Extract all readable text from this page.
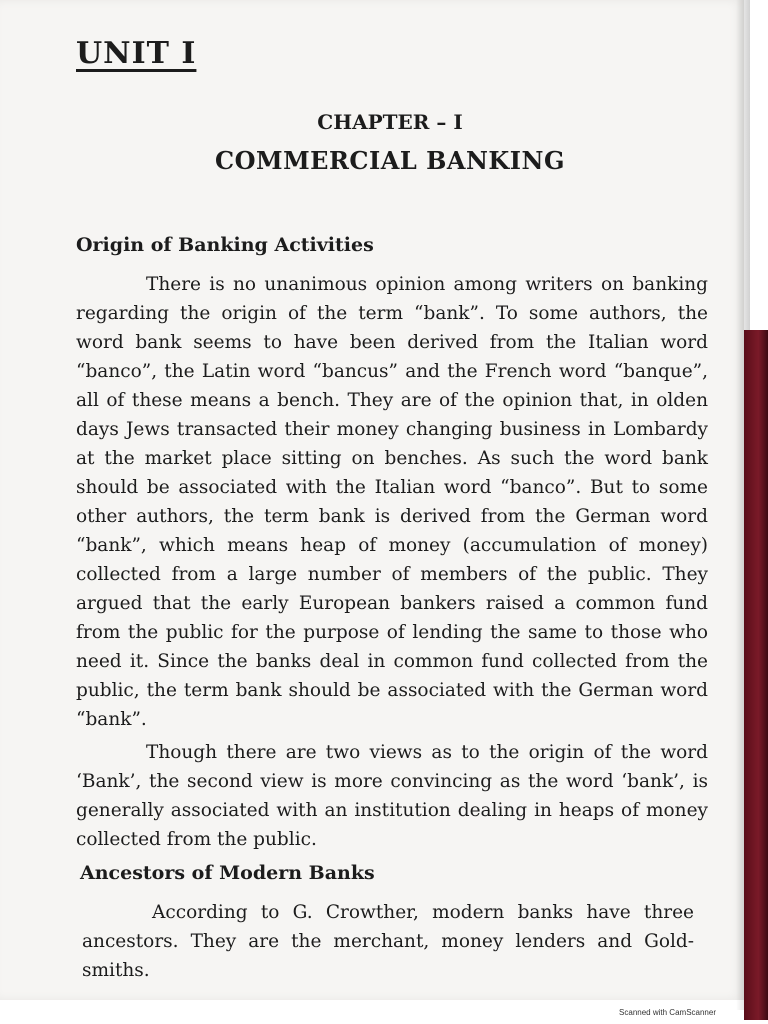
UNIT I
CHAPTER – I
COMMERCIAL BANKING
Origin of Banking Activities

There is no unanimous opinion among writers on banking regarding the origin of the term “bank”. To some authors, the word bank seems to have been derived from the Italian word “banco”, the Latin word “bancus” and the French word “banque”, all of these means a bench. They are of the opinion that, in olden days Jews transacted their money changing business in Lombardy at the market place sitting on benches. As such the word bank should be associated with the Italian word “banco”. But to some other authors, the term bank is derived from the German word “bank”, which means heap of money (accumulation of money) collected from a large number of members of the public. They argued that the early European bankers raised a common fund from the public for the purpose of lending the same to those who need it. Since the banks deal in common fund collected from the public, the term bank should be associated with the German word “bank”.

Though there are two views as to the origin of the word ‘Bank’, the second view is more convincing as the word ‘bank’, is generally associated with an institution dealing in heaps of money collected from the public.

Ancestors of Modern Banks

According to G. Crowther, modern banks have three ancestors. They are the merchant, money lenders and Gold-smiths.

Scanned with CamScanner
